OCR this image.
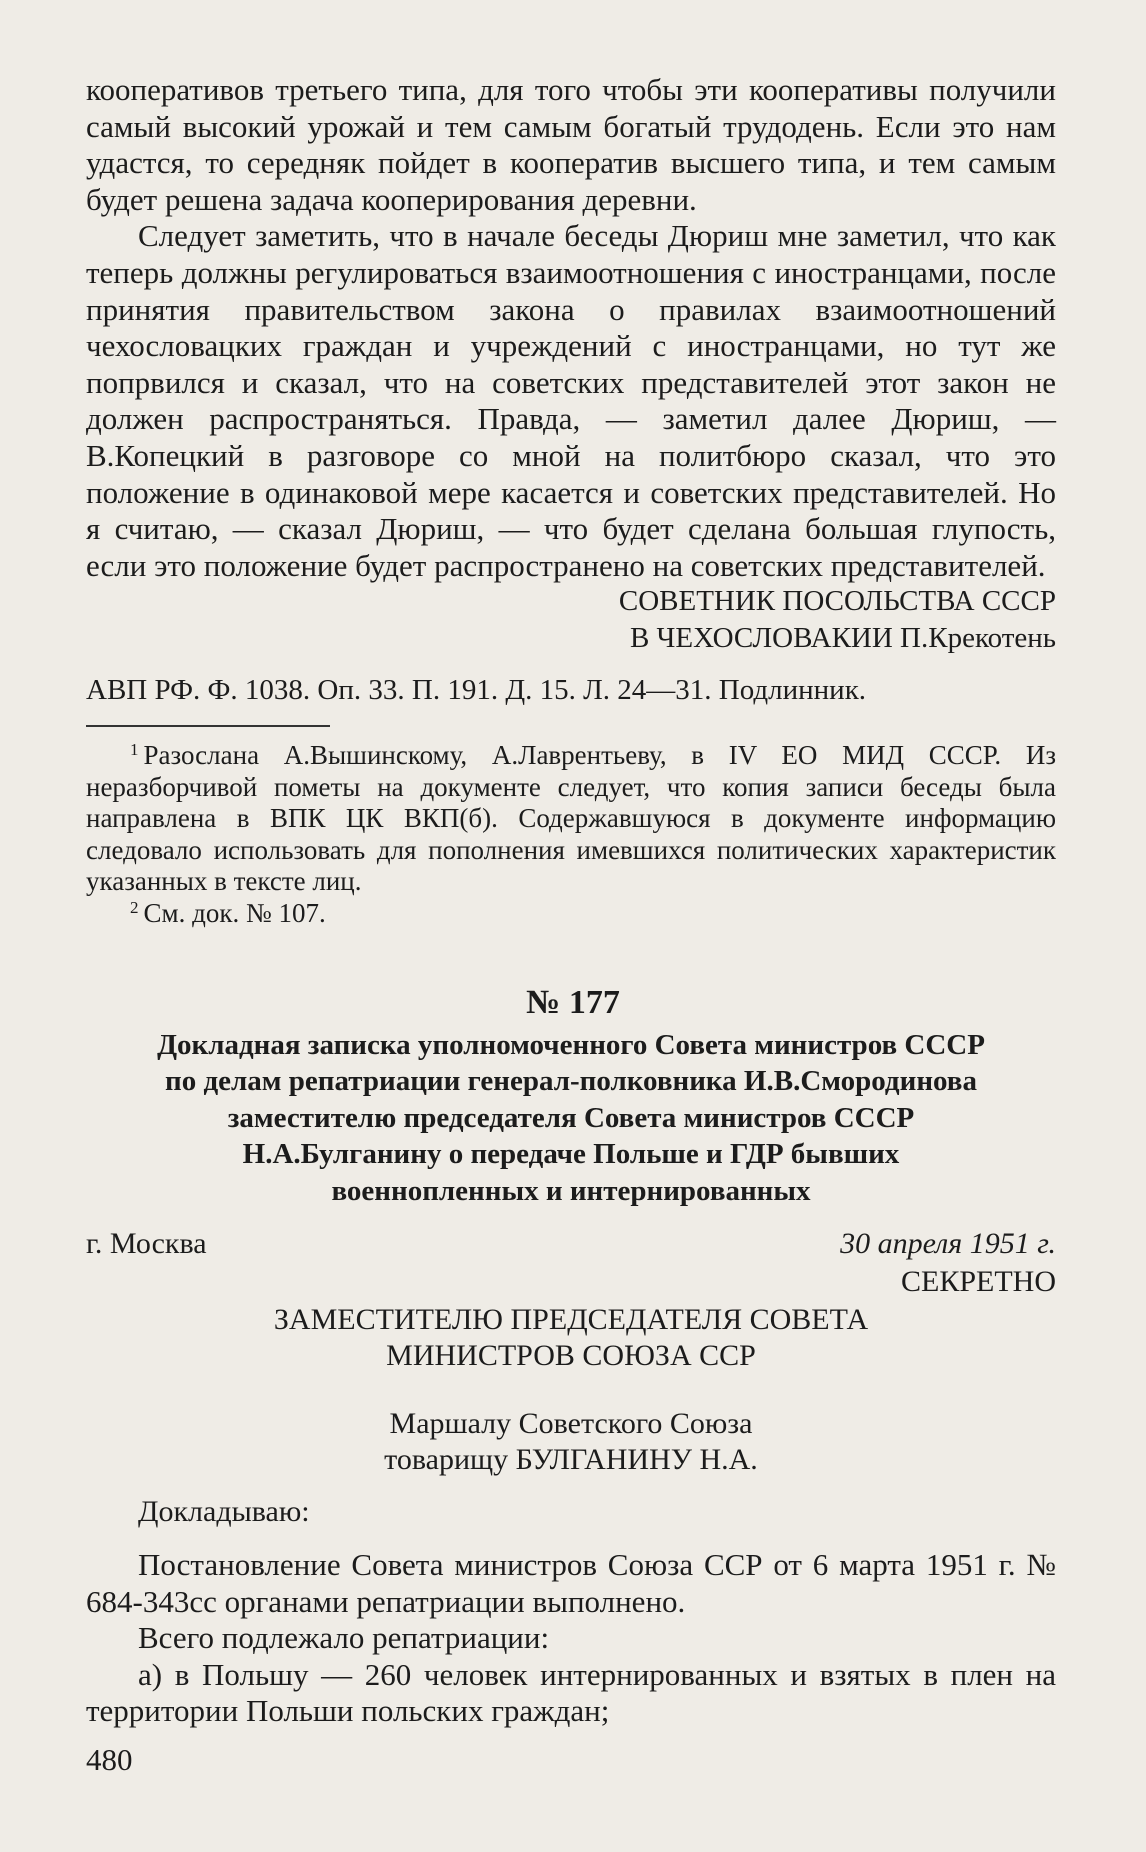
кооперативов третьего типа, для того чтобы эти кооперативы получили самый высокий урожай и тем самым богатый трудодень. Если это нам удастся, то середняк пойдет в кооператив высшего типа, и тем самым будет решена задача кооперирования деревни.

Следует заметить, что в начале беседы Дюриш мне заметил, что как теперь должны регулироваться взаимоотношения с иностранцами, после принятия правительством закона о правилах взаимоотношений чехословацких граждан и учреждений с иностранцами, но тут же попрвился и сказал, что на советских представителей этот закон не должен распространяться. Правда, — заметил далее Дюриш, — В.Копецкий в разговоре со мной на политбюро сказал, что это положение в одинаковой мере касается и советских представителей. Но я считаю, — сказал Дюриш, — что будет сделана большая глупость, если это положение будет распространено на советских представителей.

СОВЕТНИК ПОСОЛЬСТВА СССР
В ЧЕХОСЛОВАКИИ П.Крекотень
АВП РФ. Ф. 1038. Оп. 33. П. 191. Д. 15. Л. 24—31. Подлинник.

$^1$ Разослана А.Вышинскому, А.Лаврентьеву, в IV ЕО МИД СССР. Из неразборчивой пометы на документе следует, что копия записи беседы была направлена в ВПК ЦК ВКП(б). Содержавшуюся в документе информацию следовало использовать для пополнения имевшихся политических характеристик указанных в тексте лиц.

$^2$ См. док. № 107.

№ 177
Докладная записка уполномоченного Совета министров СССР
по делам репатриации генерал-полковника И.В.Смородинова
заместителю председателя Совета министров СССР
Н.А.Булганину о передаче Польше и ГДР бывших
военнопленных и интернированных
г. Москва	30 апреля 1951 г.
СЕКРЕТНО
ЗАМЕСТИТЕЛЮ ПРЕДСЕДАТЕЛЯ СОВЕТА
МИНИСТРОВ СОЮЗА ССР
Маршалу Советского Союза
товарищу БУЛГАНИНУ Н.А.
Докладываю:

Постановление Совета министров Союза ССР от 6 марта 1951 г. № 684-343сс органами репатриации выполнено.

Всего подлежало репатриации:

а) в Польшу — 260 человек интернированных и взятых в плен на территории Польши польских граждан;

480
